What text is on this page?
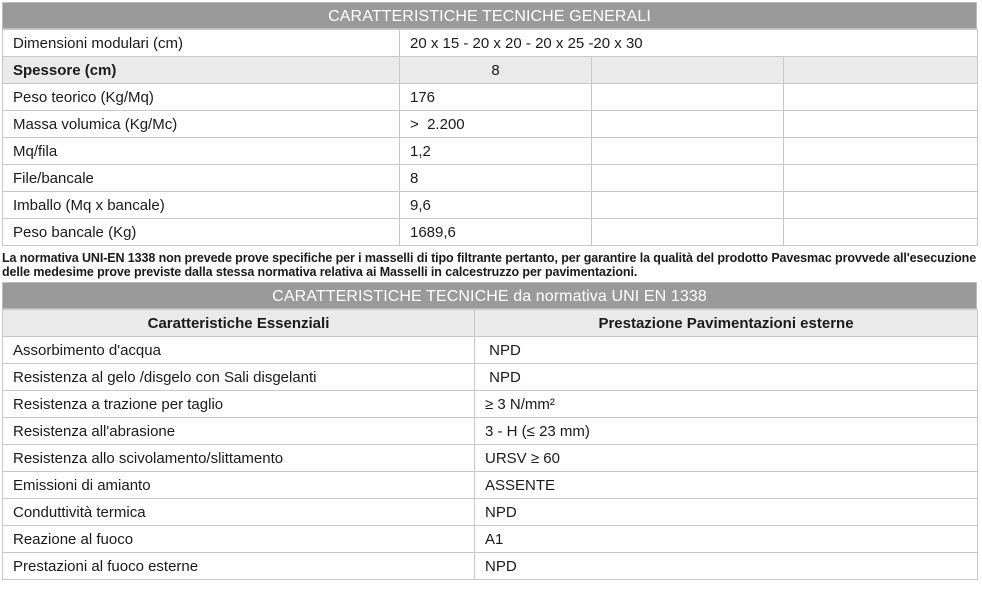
CARATTERISTICHE TECNICHE GENERALI
Dimensioni modulari (cm)	20 x 15 - 20 x 20 - 20 x 25 -20 x 30		
Spessore (cm)	8		
Peso teorico (Kg/Mq)	176		
Massa volumica (Kg/Mc)	>  2.200		
Mq/fila	1,2		
File/bancale	8		
Imballo (Mq x bancale)	9,6		
Peso bancale (Kg)	1689,6		
La normativa UNI-EN 1338 non prevede prove specifiche per i masselli di tipo filtrante pertanto, per garantire la qualità del prodotto Pavesmac provvede all'esecuzione delle medesime prove previste dalla stessa normativa relativa ai Masselli in calcestruzzo per pavimentazioni.
CARATTERISTICHE TECNICHE da normativa UNI EN 1338
Caratteristiche Essenziali	Prestazione Pavimentazioni esterne
Assorbimento d'acqua	NPD
Resistenza al gelo /disgelo con Sali disgelanti	NPD
Resistenza a trazione per taglio	≥ 3 N/mm²
Resistenza all'abrasione	3 - H (≤ 23 mm)
Resistenza allo scivolamento/slittamento	URSV ≥ 60
Emissioni di amianto	ASSENTE
Conduttività termica	NPD
Reazione al fuoco	A1
Prestazioni al fuoco esterne	NPD
